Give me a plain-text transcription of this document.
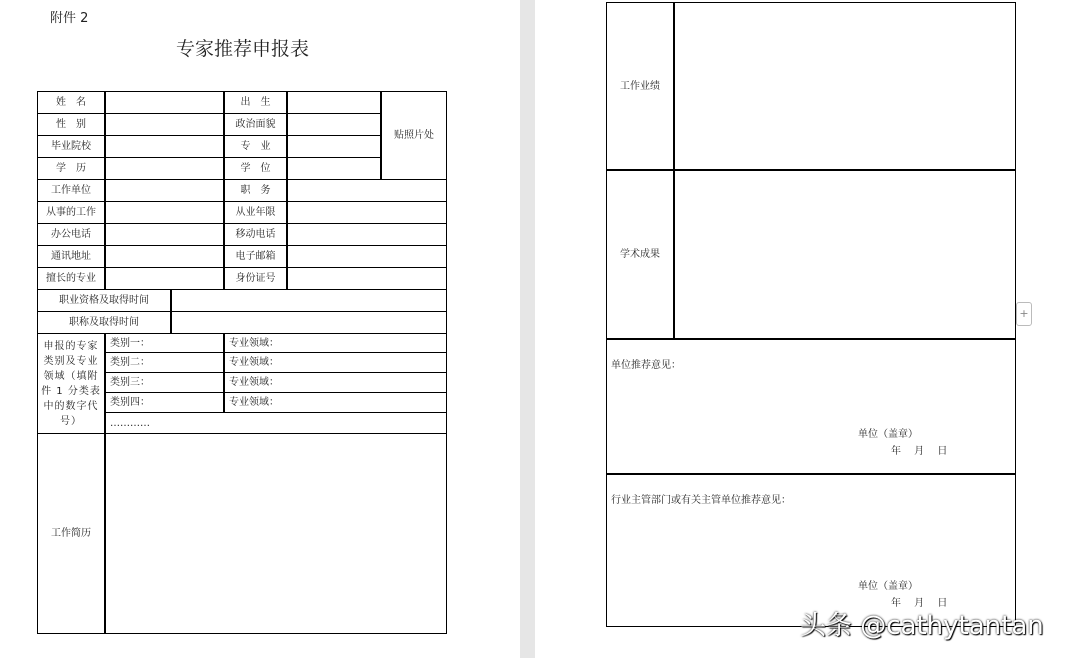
附件 2
专家推荐申报表
姓　名	出　生
贴照片处
性　别	政治面貌
毕业院校	专　业
学　历	学　位
工作单位	职　务
从事的工作	从业年限
办公电话	移动电话
通讯地址	电子邮箱
擅长的专业	身份证号
职业资格及取得时间
职称及取得时间
申报的专家类别及专业领域（填附件 1 分类表中的数字代号）
类别一：	专业领域：
类别二：	专业领域：
类别三：	专业领域：
类别四：	专业领域：
…………
工作简历
工作业绩
学术成果
单位推荐意见：
单位（盖章）
年　 月　 日
行业主管部门或有关主管单位推荐意见：
单位（盖章）
年　 月　 日
+
头条 @cathytantan
